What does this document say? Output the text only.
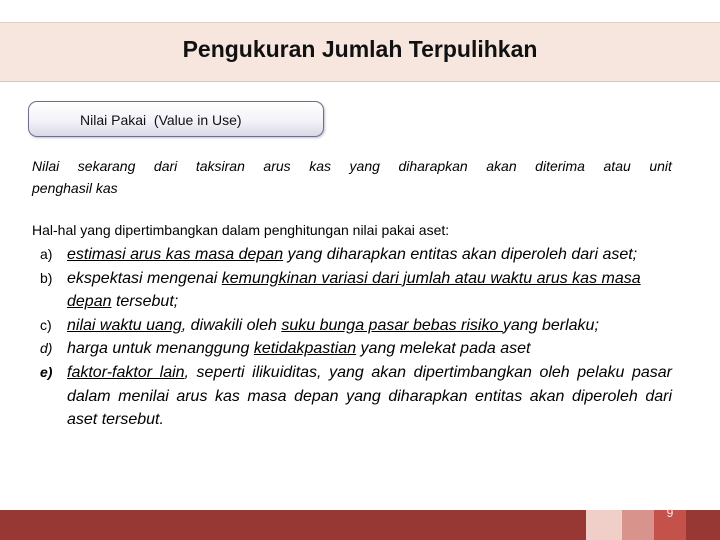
Pengukuran Jumlah Terpulihkan
Nilai Pakai  (Value in Use)
Nilai sekarang dari taksiran arus kas yang diharapkan akan diterima atau unit
penghasil kas
Hal-hal yang dipertimbangkan dalam penghitungan nilai pakai aset:
a) estimasi arus kas masa depan yang diharapkan entitas akan diperoleh dari aset;
b) ekspektasi mengenai kemungkinan variasi dari jumlah atau waktu arus kas masa depan tersebut;
c) nilai waktu uang, diwakili oleh suku bunga pasar bebas risiko yang berlaku;
d) harga untuk menanggung ketidakpastian yang melekat pada aset
e) faktor-faktor lain, seperti ilikuiditas, yang akan dipertimbangkan oleh pelaku pasar dalam menilai arus kas masa depan yang diharapkan entitas akan diperoleh dari aset tersebut.
9
